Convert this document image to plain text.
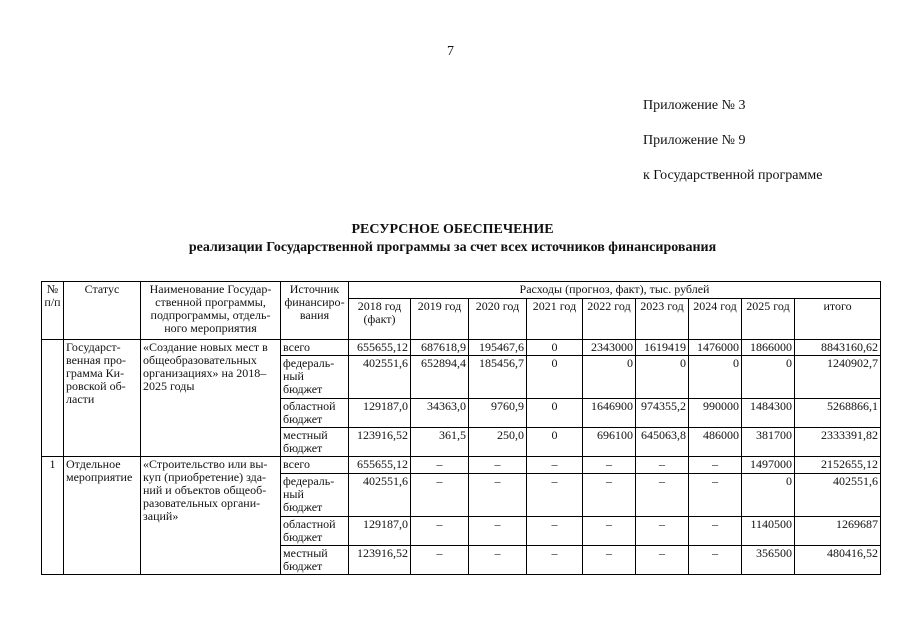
7
Приложение № 3
Приложение № 9
к Государственной программе
РЕСУРСНОЕ ОБЕСПЕЧЕНИЕ
реализации Государственной программы за счет всех источников финансирования
№ п/п	Статус	Наименование Государственной программы, подпрограммы, отдельного мероприятия	Источник финансирования	Расходы (прогноз, факт), тыс. рублей								
				2018 год (факт)	2019 год	2020 год	2021 год	2022 год	2023 год	2024 год	2025 год	итого
	Государственная программа Кировской области	«Создание новых мест в общеобразовательных организациях» на 2018–2025 годы	всего	655655,12	687618,9	195467,6	0	2343000	1619419	1476000	1866000	8843160,62
			федеральный бюджет	402551,6	652894,4	185456,7	0	0	0	0	0	1240902,7
			областной бюджет	129187,0	34363,0	9760,9	0	1646900	974355,2	990000	1484300	5268866,1
			местный бюджет	123916,52	361,5	250,0	0	696100	645063,8	486000	381700	2333391,82
1	Отдельное мероприятие	«Строительство или выкуп (приобретение) зданий и объектов общеобразовательных организаций»	всего	655655,12	–	–	–	–	–	–	1497000	2152655,12
			федеральный бюджет	402551,6	–	–	–	–	–	–	0	402551,6
			областной бюджет	129187,0	–	–	–	–	–	–	1140500	1269687
			местный бюджет	123916,52	–	–	–	–	–	–	356500	480416,52
